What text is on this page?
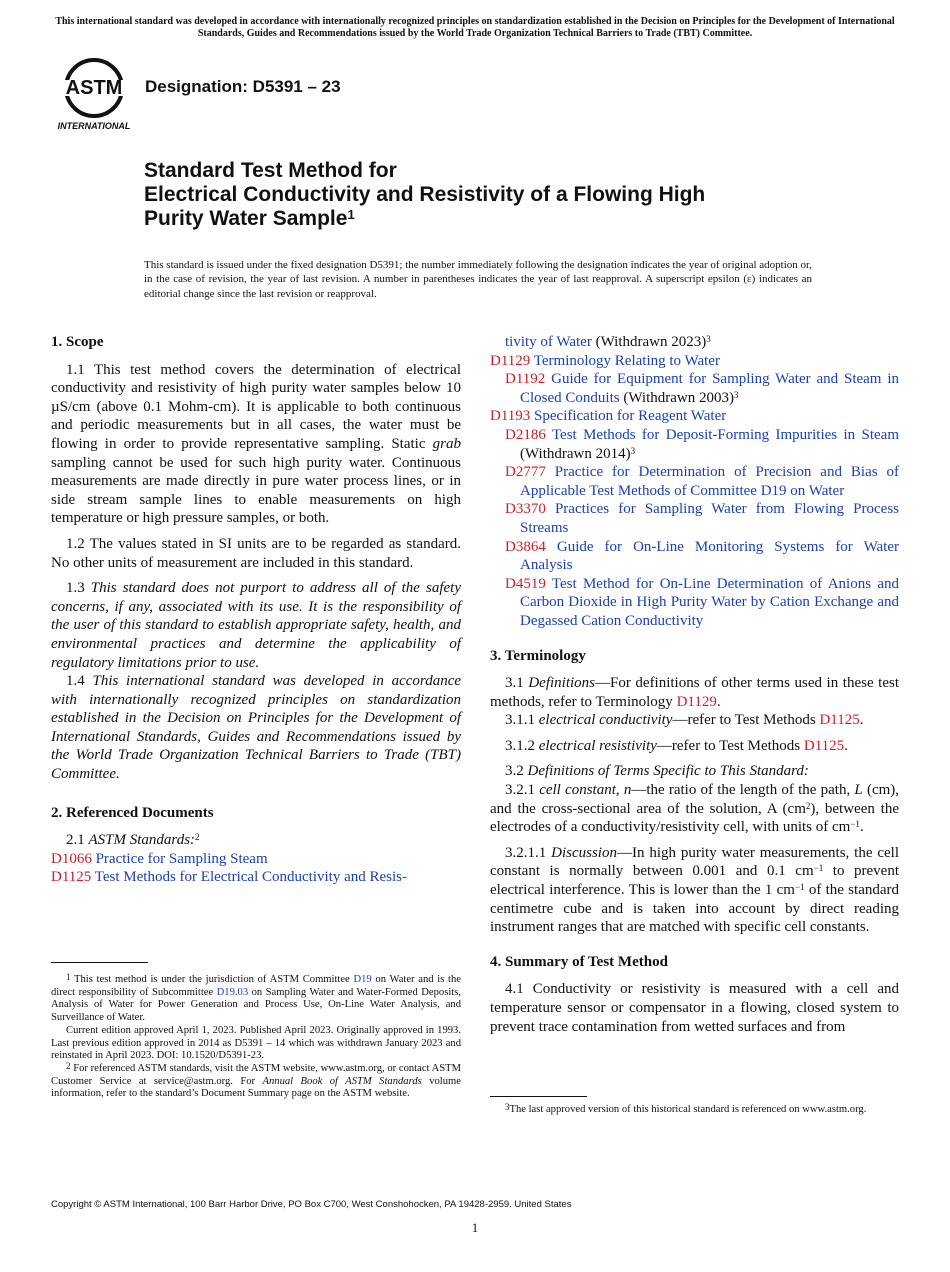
This international standard was developed in accordance with internationally recognized principles on standardization established in the Decision on Principles for the Development of International Standards, Guides and Recommendations issued by the World Trade Organization Technical Barriers to Trade (TBT) Committee.
ASTM
INTERNATIONAL
Designation: D5391 – 23
Standard Test Method for
Electrical Conductivity and Resistivity of a Flowing High
Purity Water Sample$^1$
This standard is issued under the fixed designation D5391; the number immediately following the designation indicates the year of original adoption or, in the case of revision, the year of last revision. A number in parentheses indicates the year of last reapproval. A superscript epsilon (ε) indicates an editorial change since the last revision or reapproval.
1. Scope

1.1 This test method covers the determination of electrical conductivity and resistivity of high purity water samples below 10 µS/cm (above 0.1 Mohm-cm). It is applicable to both continuous and periodic measurements but in all cases, the water must be flowing in order to provide representative sampling. Static grab sampling cannot be used for such high purity water. Continuous measurements are made directly in pure water process lines, or in side stream sample lines to enable measurements on high temperature or high pressure samples, or both.

1.2 The values stated in SI units are to be regarded as standard. No other units of measurement are included in this standard.

1.3 This standard does not purport to address all of the safety concerns, if any, associated with its use. It is the responsibility of the user of this standard to establish appropriate safety, health, and environmental practices and determine the applicability of regulatory limitations prior to use.

1.4 This international standard was developed in accordance with internationally recognized principles on standardization established in the Decision on Principles for the Development of International Standards, Guides and Recommendations issued by the World Trade Organization Technical Barriers to Trade (TBT) Committee.

2. Referenced Documents

2.1 ASTM Standards:$^2$

D1066 Practice for Sampling Steam

D1125 Test Methods for Electrical Conductivity and Resis-

$^1$ This test method is under the jurisdiction of ASTM Committee D19 on Water and is the direct responsibility of Subcommittee D19.03 on Sampling Water and Water-Formed Deposits, Analysis of Water for Power Generation and Process Use, On-Line Water Analysis, and Surveillance of Water.

Current edition approved April 1, 2023. Published April 2023. Originally approved in 1993. Last previous edition approved in 2014 as D5391 – 14 which was withdrawn January 2023 and reinstated in April 2023. DOI: 10.1520/D5391-23.

$^2$ For referenced ASTM standards, visit the ASTM website, www.astm.org, or contact ASTM Customer Service at service@astm.org. For Annual Book of ASTM Standards volume information, refer to the standard’s Document Summary page on the ASTM website.

tivity of Water (Withdrawn 2023)$^3$

D1129 Terminology Relating to Water

D1192 Guide for Equipment for Sampling Water and Steam in Closed Conduits (Withdrawn 2003)$^3$

D1193 Specification for Reagent Water

D2186 Test Methods for Deposit-Forming Impurities in Steam (Withdrawn 2014)$^3$

D2777 Practice for Determination of Precision and Bias of Applicable Test Methods of Committee D19 on Water

D3370 Practices for Sampling Water from Flowing Process Streams

D3864 Guide for On-Line Monitoring Systems for Water Analysis

D4519 Test Method for On-Line Determination of Anions and Carbon Dioxide in High Purity Water by Cation Exchange and Degassed Cation Conductivity

3. Terminology

3.1 Definitions—For definitions of other terms used in these test methods, refer to Terminology D1129.

3.1.1 electrical conductivity—refer to Test Methods D1125.

3.1.2 electrical resistivity—refer to Test Methods D1125.

3.2 Definitions of Terms Specific to This Standard:

3.2.1 cell constant, n—the ratio of the length of the path, L (cm), and the cross-sectional area of the solution, A (cm$^2$), between the electrodes of a conductivity/resistivity cell, with units of cm$^{-1}$.

3.2.1.1 Discussion—In high purity water measurements, the cell constant is normally between 0.001 and 0.1 cm$^{-1}$ to prevent electrical interference. This is lower than the 1 cm$^{-1}$ of the standard centimetre cube and is taken into account by direct reading instrument ranges that are matched with specific cell constants.

4. Summary of Test Method

4.1 Conductivity or resistivity is measured with a cell and temperature sensor or compensator in a flowing, closed system to prevent trace contamination from wetted surfaces and from

$^3$The last approved version of this historical standard is referenced on www.astm.org.

Copyright © ASTM International, 100 Barr Harbor Drive, PO Box C700, West Conshohocken, PA 19428-2959. United States
1
